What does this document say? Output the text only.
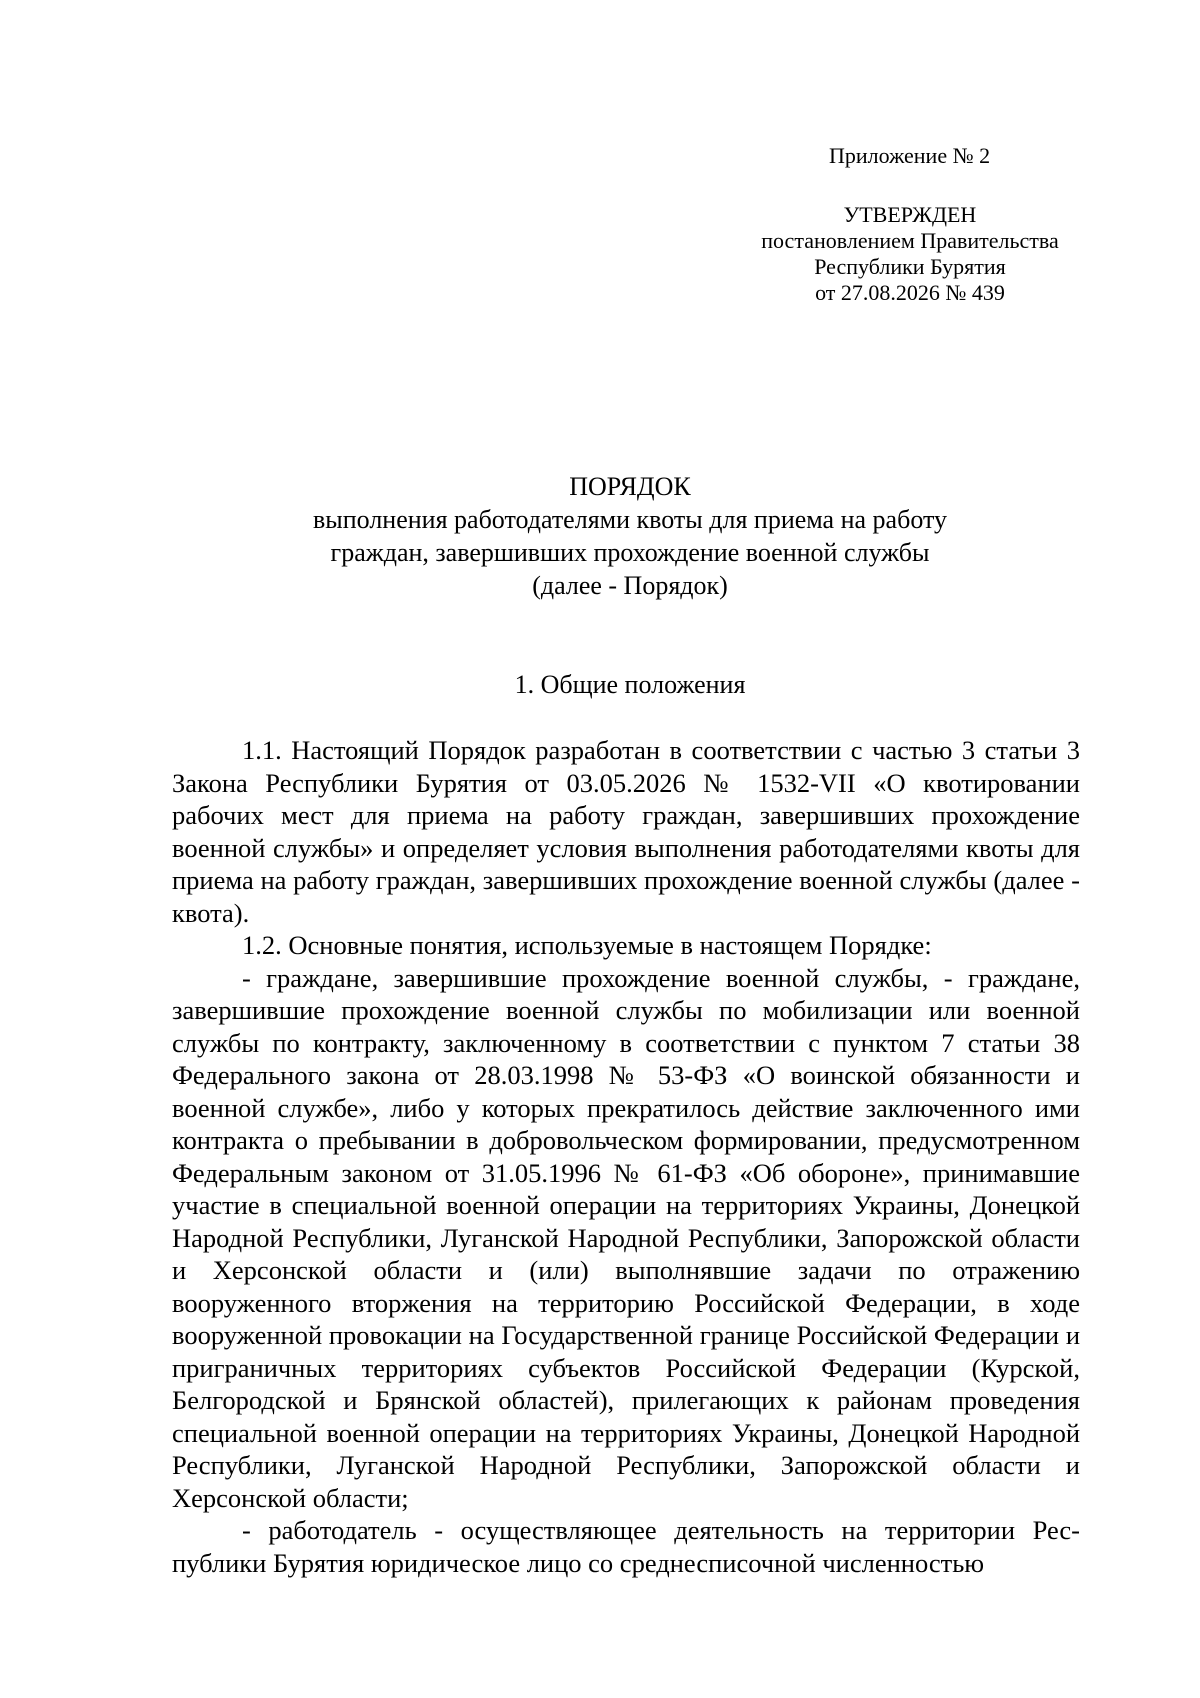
Приложение № 2
УТВЕРЖДЕН
постановлением Правительства
Республики Бурятия
от 27.08.2026 № 439
ПОРЯДОК
выполнения работодателями квоты для приема на работу
граждан, завершивших прохождение военной службы
(далее - Порядок)
1. Общие положения

1.1. Настоящий Порядок разработан в соответствии с частью 3 статьи 3 Закона Республики Бурятия от 03.05.2026 № 1532-VII «О квотировании рабочих мест для приема на работу граждан, завершивших прохождение военной службы» и определяет условия выполнения работодателями квоты для приема на работу граждан, завершивших прохождение военной службы (далее - квота).

1.2. Основные понятия, используемые в настоящем Порядке:

- граждане, завершившие прохождение военной службы, - граждане, завершившие прохождение военной службы по мобилизации или военной службы по контракту, заключенному в соответствии с пунктом 7 статьи 38 Федерального закона от 28.03.1998 № 53-ФЗ «О воинской обязанности и военной службе», либо у которых прекратилось действие заключенного ими контракта о пребывании в добровольческом формировании, предусмотренном Федеральным законом от 31.05.1996 № 61-ФЗ «Об обороне», принимавшие участие в специальной военной операции на территориях Украины, Донецкой Народной Республики, Луганской Народной Республики, Запорожской области и Херсонской области и (или) выполнявшие задачи по отражению вооруженного вторжения на территорию Российской Федерации, в ходе вооруженной провокации на Государственной границе Российской Федерации и приграничных территориях субъектов Российской Федерации (Курской, Белгородской и Брянской областей), прилегающих к районам проведения специальной военной операции на территориях Украины, Донецкой Народной Республики, Луганской Народной Республики, Запорожской области и Херсонской области;

- работодатель - осуществляющее деятельность на территории Республики Бурятия юридическое лицо со среднесписочной численностью
